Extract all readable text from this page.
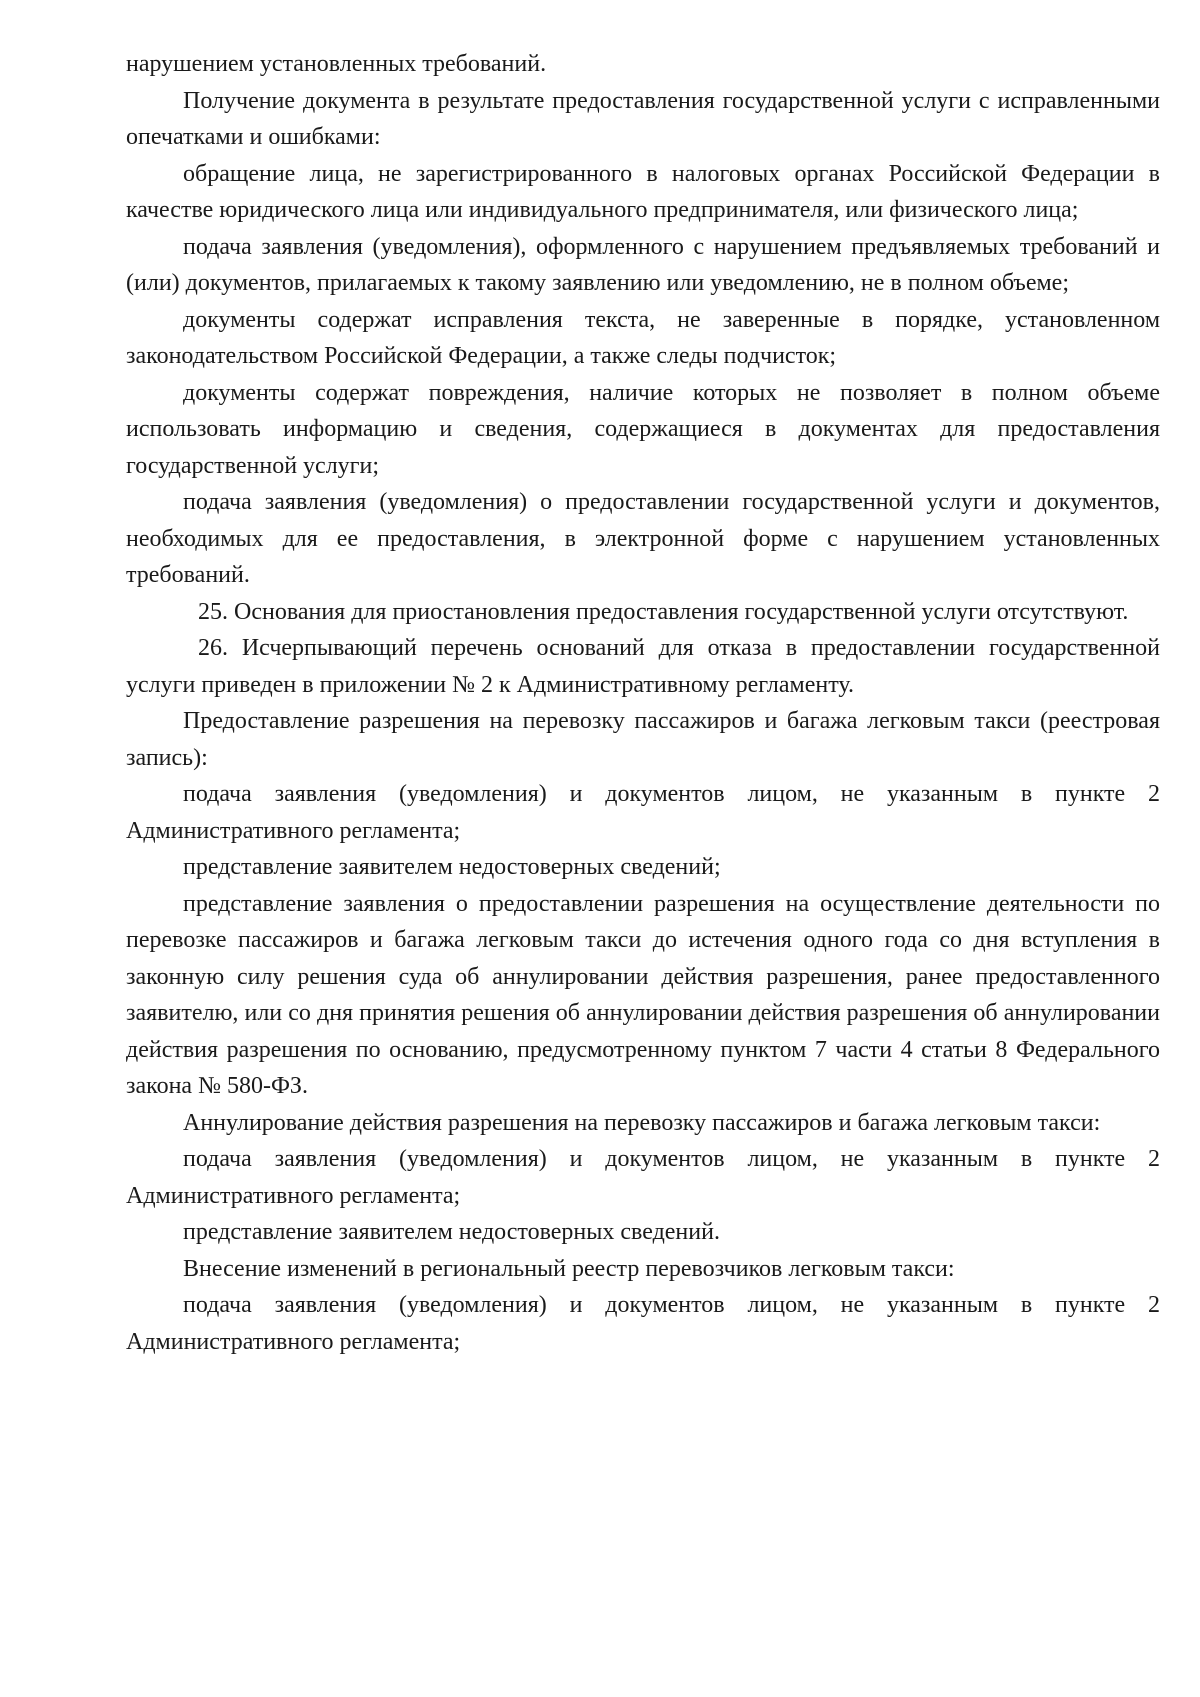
нарушением установленных требований.

Получение документа в результате предоставления государственной услуги с исправленными опечатками и ошибками:

обращение лица, не зарегистрированного в налоговых органах Российской Федерации в качестве юридического лица или индивидуального предпринимателя, или физического лица;

подача заявления (уведомления), оформленного с нарушением предъявляемых требований и (или) документов, прилагаемых к такому заявлению или уведомлению, не в полном объеме;

документы содержат исправления текста, не заверенные в порядке, установленном законодательством Российской Федерации, а также следы подчисток;

документы содержат повреждения, наличие которых не позволяет в полном объеме использовать информацию и сведения, содержащиеся в документах для предоставления государственной услуги;

подача заявления (уведомления) о предоставлении государственной услуги и документов, необходимых для ее предоставления, в электронной форме с нарушением установленных требований.

25. Основания для приостановления предоставления государственной услуги отсутствуют.

26. Исчерпывающий перечень оснований для отказа в предоставлении государственной услуги приведен в приложении № 2 к Административному регламенту.

Предоставление разрешения на перевозку пассажиров и багажа легковым такси (реестровая запись):

подача заявления (уведомления) и документов лицом, не указанным в пункте 2 Административного регламента;

представление заявителем недостоверных сведений;

представление заявления о предоставлении разрешения на осуществление деятельности по перевозке пассажиров и багажа легковым такси до истечения одного года со дня вступления в законную силу решения суда об аннулировании действия разрешения, ранее предоставленного заявителю, или со дня принятия решения об аннулировании действия разрешения об аннулировании действия разрешения по основанию, предусмотренному пунктом 7 части 4 статьи 8 Федерального закона № 580-ФЗ.

Аннулирование действия разрешения на перевозку пассажиров и багажа легковым такси:

подача заявления (уведомления) и документов лицом, не указанным в пункте 2 Административного регламента;

представление заявителем недостоверных сведений.

Внесение изменений в региональный реестр перевозчиков легковым такси:

подача заявления (уведомления) и документов лицом, не указанным в пункте 2 Административного регламента;
